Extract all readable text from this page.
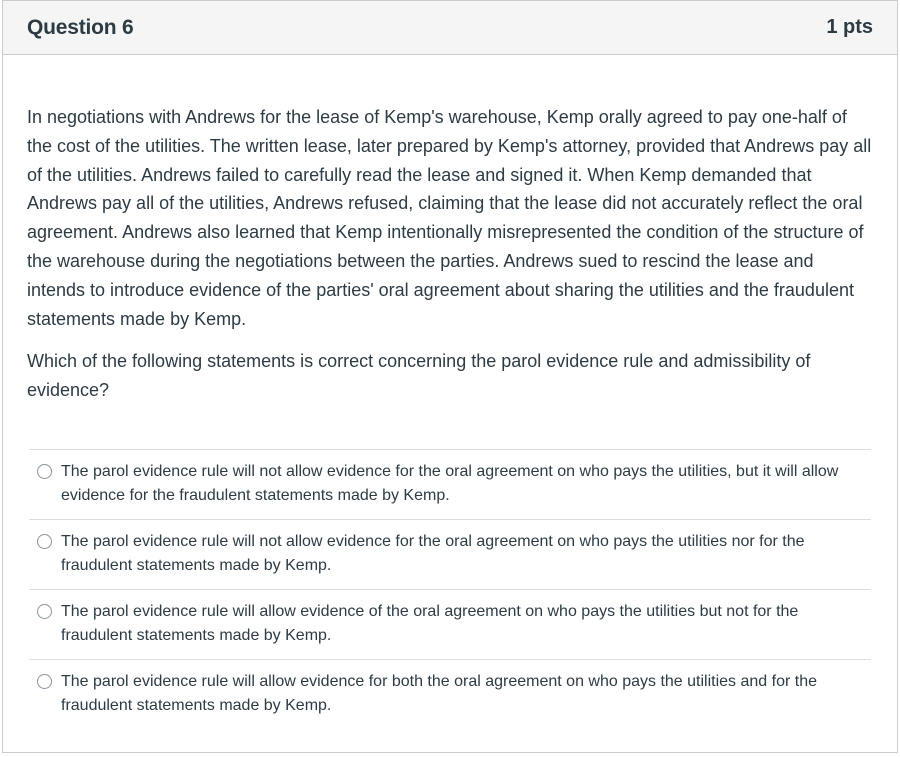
Question 6	1 pts

In negotiations with Andrews for the lease of Kemp's warehouse, Kemp orally agreed to pay one-half of the cost of the utilities. The written lease, later prepared by Kemp's attorney, provided that Andrews pay all of the utilities. Andrews failed to carefully read the lease and signed it. When Kemp demanded that Andrews pay all of the utilities, Andrews refused, claiming that the lease did not accurately reflect the oral agreement. Andrews also learned that Kemp intentionally misrepresented the condition of the structure of the warehouse during the negotiations between the parties. Andrews sued to rescind the lease and intends to introduce evidence of the parties' oral agreement about sharing the utilities and the fraudulent statements made by Kemp.

Which of the following statements is correct concerning the parol evidence rule and admissibility of evidence?

The parol evidence rule will not allow evidence for the oral agreement on who pays the utilities, but it will allow evidence for the fraudulent statements made by Kemp.
The parol evidence rule will not allow evidence for the oral agreement on who pays the utilities nor for the fraudulent statements made by Kemp.
The parol evidence rule will allow evidence of the oral agreement on who pays the utilities but not for the fraudulent statements made by Kemp.
The parol evidence rule will allow evidence for both the oral agreement on who pays the utilities and for the fraudulent statements made by Kemp.
